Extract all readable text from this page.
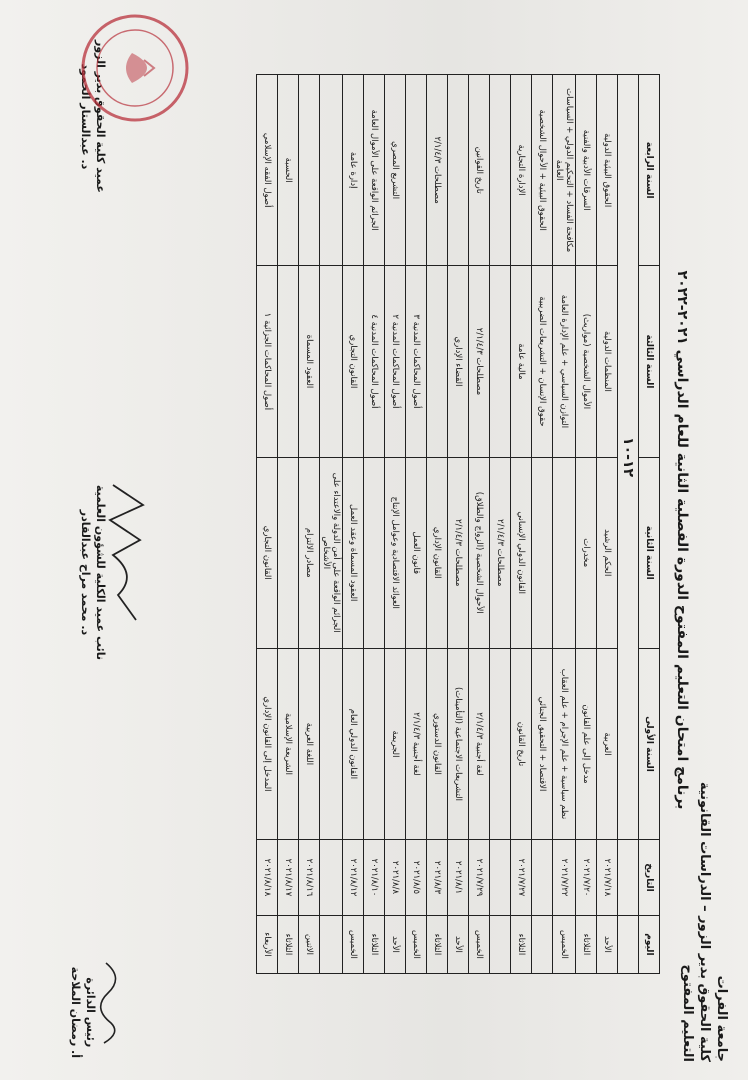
جامعة الفرات
كلية الحقوق بدير الزور – الدراسات القانونية
التعليم المفتوح
برنامج امتحان التعليم المفتوح الدورة الفصلية الثانية للعام الدراسي ٢٠٢١-٢٠٢٢
اليوم	التاريخ	السنة الأولى	السنة الثانية	السنة الثالثة	السنة الرابعة
		١٢-١٠			
الأحد	٢٠٢١/٧/١٨	العربية	الحكم الرشيد	المنظمات الدولية	الحقوق البيئية الدولية
الثلاثاء	٢٠٢١/٧/٢٠	مدخل إلى علم القانون	مخدرات	الأموال الشخصية (مواريث)	السرقات الأدبية والفنية
الخميس	٢٠٢١/٧/٢٢	نظم سياسية + علم الإجرام + علم العقاب		التوازن السياسي + علم الإدارة العامة	مكافحة الفساد + التحكيم الدولي + السياسات العامة
		الاقتصاد + التحقيق الجنائي		حقوق الإنسان + التشريعات الضريبية	الحقوق البيئية + الأحوال الشخصية
الثلاثاء	٢٠٢١/٧/٢٧	تاريخ القانون	القانون الدولي الإنساني	مالية عامة	الإدارة التجارية
			مصطلحات ٢/١/٤/٣		
الخميس	٢٠٢١/٧/٢٩	لغة أجنبية ٢/١/٤/٣	الأحوال الشخصية (الزواج والطلاق)	مصطلحات ٢/١/٤/٣	تاريخ القوانين
الأحد	٢٠٢١/٨/١	التشريعات الاجتماعية (التأمينات)	مصطلحات ٢/١/٤/٣	القضاء الإداري	
الثلاثاء	٢٠٢١/٨/٣	القانون الدستوري	القانون الإداري		مصطلحات ٢/١/٤/٣
الخميس	٢٠٢١/٨/٥	لغة أجنبية ٢/١/٤/٣	قانون العمل	أصول المحاكمات المدنية ٣	
الأحد	٢٠٢١/٨/٨	الجريمة	العوائد الاقتصادية وعوامل الإنتاج	أصول المحاكمات المدنية ٢	التشريع المصري
الثلاثاء	٢٠٢١/٨/١٠			أصول المحاكمات المدنية ٤	الجرائم الواقعة على الأموال العامة
الخميس	٢٠٢١/٨/١٢	القانون الدولي العام	العقود المسماة وعقد العمل	القانون التجاري	إدارة عامة
			الجرائم الواقعة على أمن الدولة والاعتداء على الأشخاص		
الاثنين	٢٠٢١/٨/١٦	اللغة العربية	مصادر الالتزام	العقود المسماة	
الثلاثاء	٢٠٢١/٨/١٧	الشريعة الإسلامية			الحسبة
الأربعاء	٢٠٢١/٨/١٨	المدخل إلى القانون الإداري	القانون التجاري	أصول المحاكمات الجزائية ١	أصول الفقه الإسلامي
رئيس الدائرة
أ. رمضان الملاحة
نائب عميد الكلية للشؤون العلمية
د. محمد مراح عبدالقادر
عميد كلية الحقوق بدير الزور
د. عبدالستار الحمود
